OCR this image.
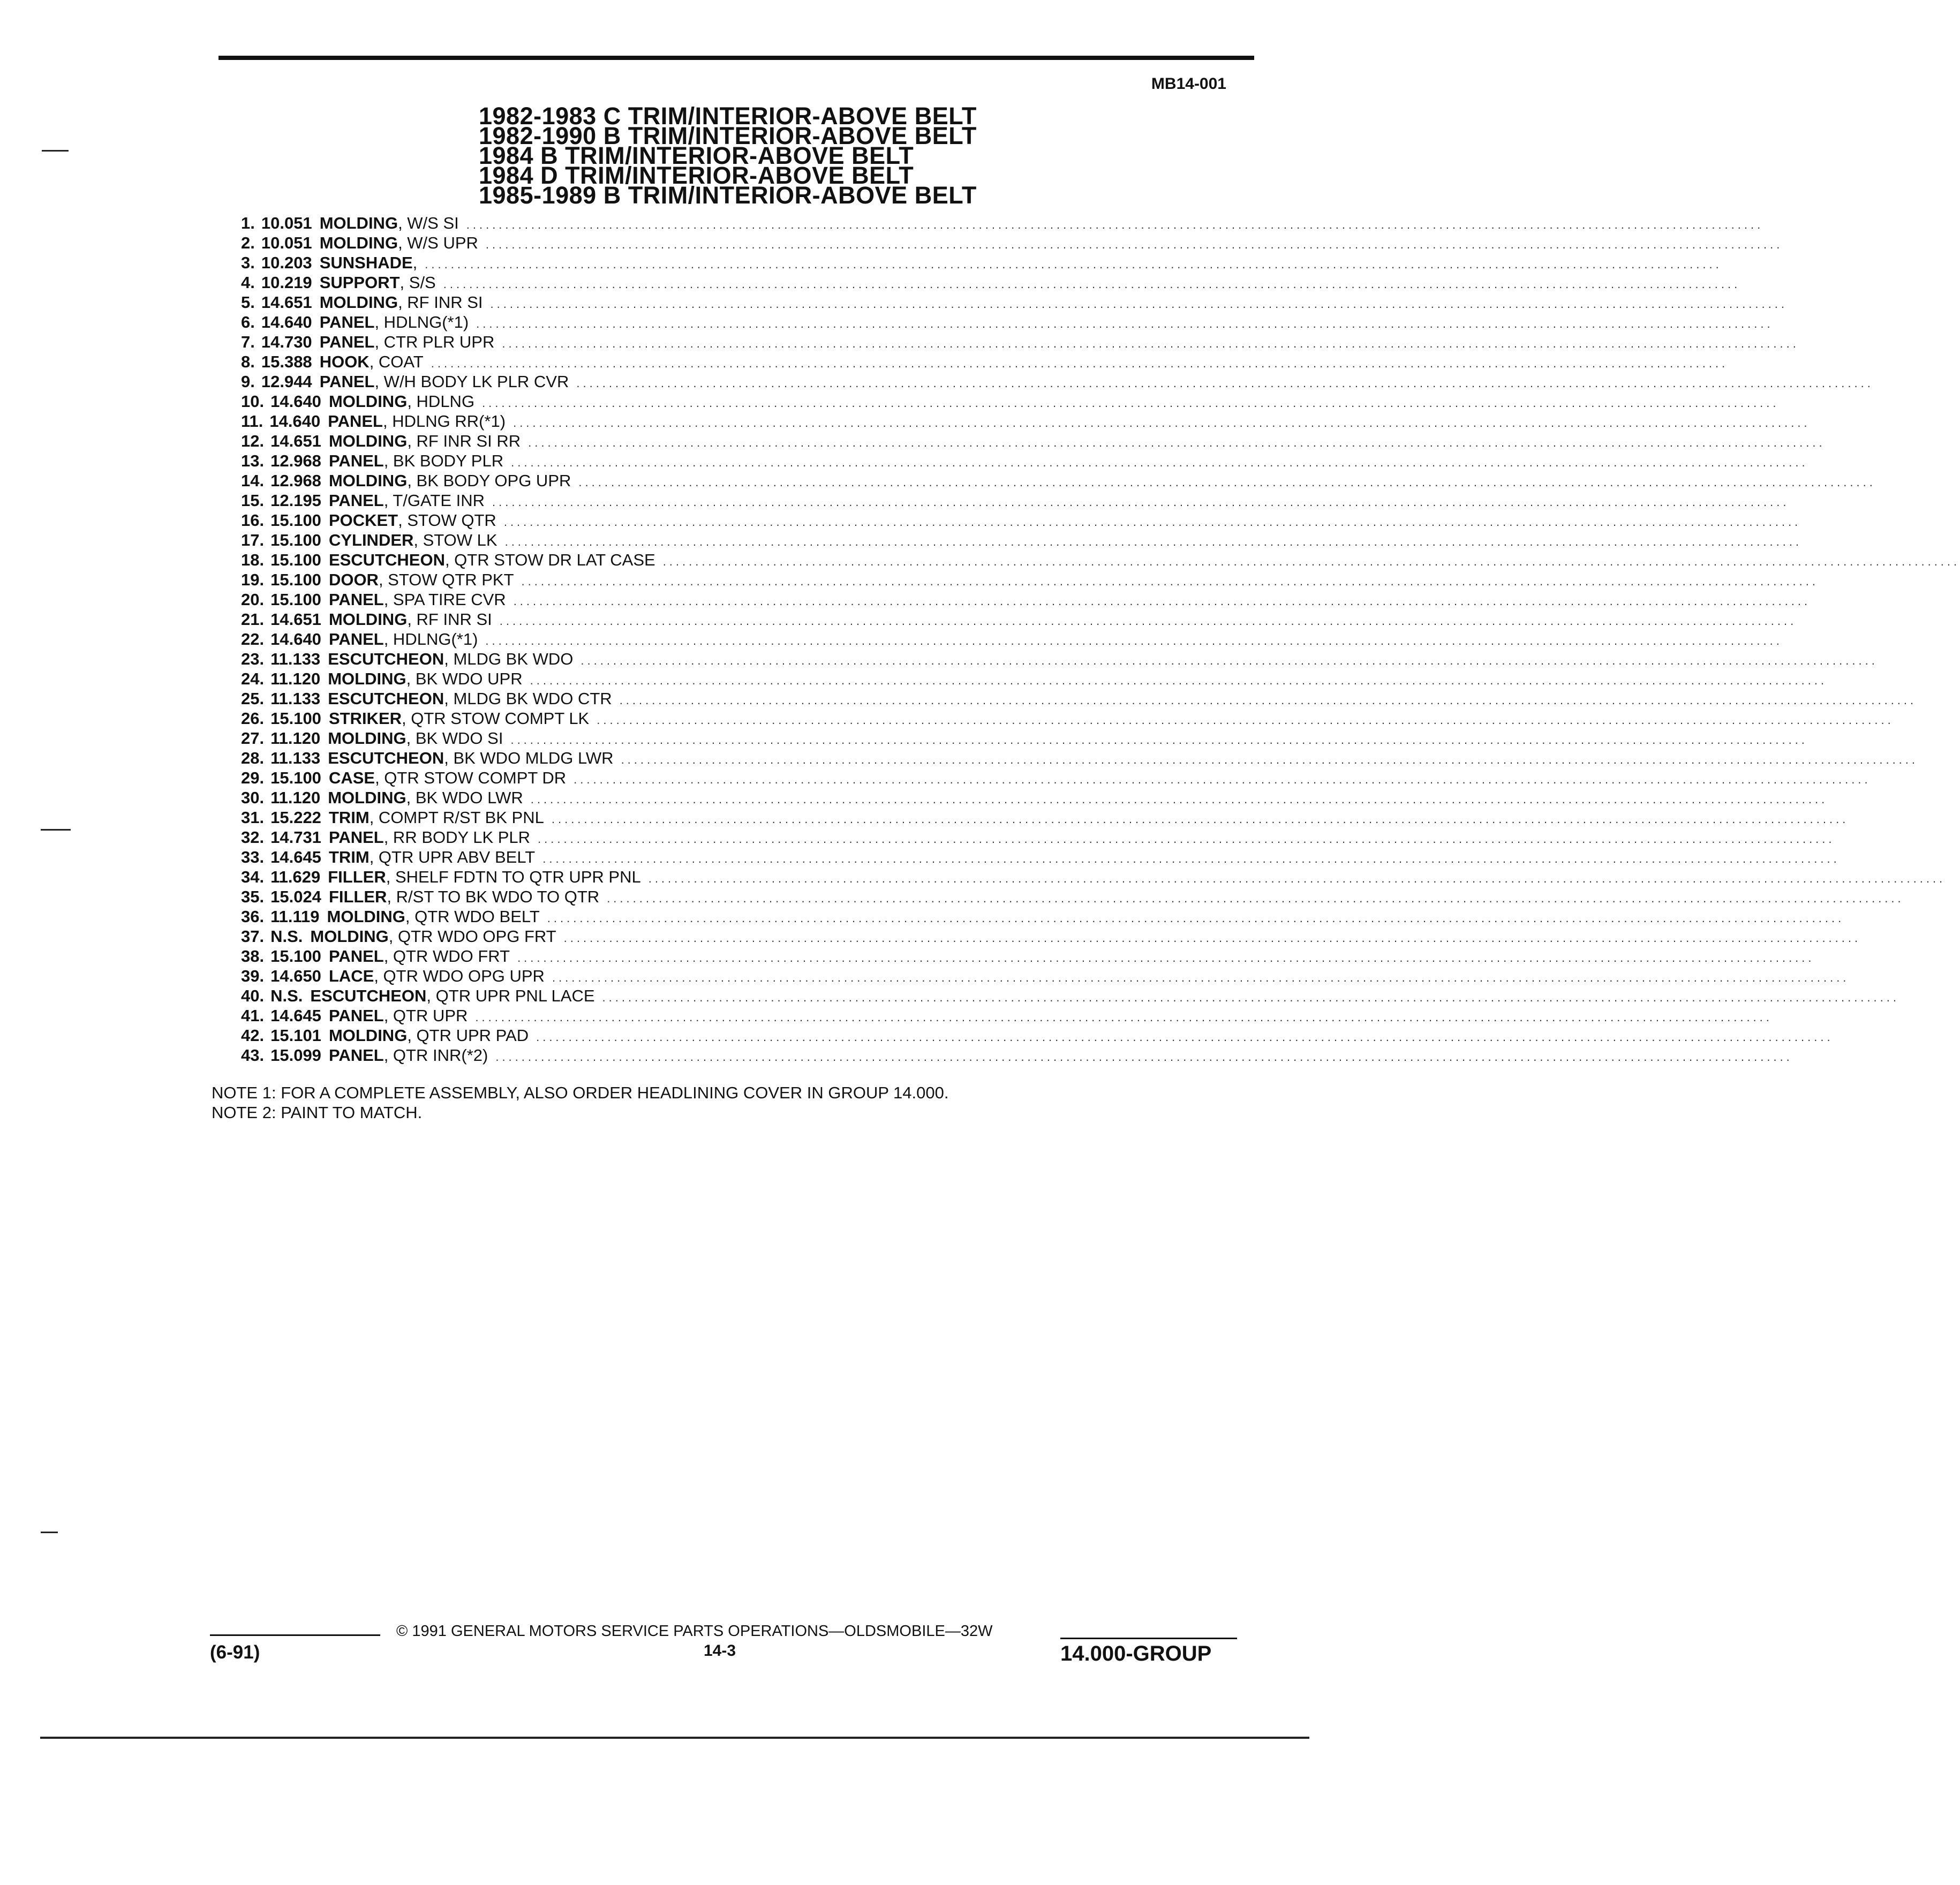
MB14-001
1982-1983 C TRIM/INTERIOR-ABOVE BELT
1982-1990 B TRIM/INTERIOR-ABOVE BELT
1984 B TRIM/INTERIOR-ABOVE BELT
1984 D TRIM/INTERIOR-ABOVE BELT
1985-1989 B TRIM/INTERIOR-ABOVE BELT
1. 10.051 MOLDING , W/S SI ........................................................................................................................................................................................................
2. 10.051 MOLDING , W/S UPR ........................................................................................................................................................................................................
3. 10.203 SUNSHADE , ........................................................................................................................................................................................................
4. 10.219 SUPPORT , S/S ........................................................................................................................................................................................................
5. 14.651 MOLDING , RF INR SI ........................................................................................................................................................................................................
6. 14.640 PANEL , HDLNG(*1) ........................................................................................................................................................................................................
7. 14.730 PANEL , CTR PLR UPR ........................................................................................................................................................................................................
8. 15.388 HOOK , COAT ........................................................................................................................................................................................................
9. 12.944 PANEL , W/H BODY LK PLR CVR ........................................................................................................................................................................................................
10. 14.640 MOLDING , HDLNG ........................................................................................................................................................................................................
11. 14.640 PANEL , HDLNG RR(*1) ........................................................................................................................................................................................................
12. 14.651 MOLDING , RF INR SI RR ........................................................................................................................................................................................................
13. 12.968 PANEL , BK BODY PLR ........................................................................................................................................................................................................
14. 12.968 MOLDING , BK BODY OPG UPR ........................................................................................................................................................................................................
15. 12.195 PANEL , T/GATE INR ........................................................................................................................................................................................................
16. 15.100 POCKET , STOW QTR ........................................................................................................................................................................................................
17. 15.100 CYLINDER , STOW LK ........................................................................................................................................................................................................
18. 15.100 ESCUTCHEON , QTR STOW DR LAT CASE ........................................................................................................................................................................................................
19. 15.100 DOOR , STOW QTR PKT ........................................................................................................................................................................................................
20. 15.100 PANEL , SPA TIRE CVR ........................................................................................................................................................................................................
21. 14.651 MOLDING , RF INR SI ........................................................................................................................................................................................................
22. 14.640 PANEL , HDLNG(*1) ........................................................................................................................................................................................................
23. 11.133 ESCUTCHEON , MLDG BK WDO ........................................................................................................................................................................................................
24. 11.120 MOLDING , BK WDO UPR ........................................................................................................................................................................................................
25. 11.133 ESCUTCHEON , MLDG BK WDO CTR ........................................................................................................................................................................................................
26. 15.100 STRIKER , QTR STOW COMPT LK ........................................................................................................................................................................................................
27. 11.120 MOLDING , BK WDO SI ........................................................................................................................................................................................................
28. 11.133 ESCUTCHEON , BK WDO MLDG LWR ........................................................................................................................................................................................................
29. 15.100 CASE , QTR STOW COMPT DR ........................................................................................................................................................................................................
30. 11.120 MOLDING , BK WDO LWR ........................................................................................................................................................................................................
31. 15.222 TRIM , COMPT R/ST BK PNL ........................................................................................................................................................................................................
32. 14.731 PANEL , RR BODY LK PLR ........................................................................................................................................................................................................
33. 14.645 TRIM , QTR UPR ABV BELT ........................................................................................................................................................................................................
34. 11.629 FILLER , SHELF FDTN TO QTR UPR PNL ........................................................................................................................................................................................................
35. 15.024 FILLER , R/ST TO BK WDO TO QTR ........................................................................................................................................................................................................
36. 11.119 MOLDING , QTR WDO BELT ........................................................................................................................................................................................................
37. N.S. MOLDING , QTR WDO OPG FRT ........................................................................................................................................................................................................
38. 15.100 PANEL , QTR WDO FRT ........................................................................................................................................................................................................
39. 14.650 LACE , QTR WDO OPG UPR ........................................................................................................................................................................................................
40. N.S. ESCUTCHEON , QTR UPR PNL LACE ........................................................................................................................................................................................................
41. 14.645 PANEL , QTR UPR ........................................................................................................................................................................................................
42. 15.101 MOLDING , QTR UPR PAD ........................................................................................................................................................................................................
43. 15.099 PANEL , QTR INR(*2) ........................................................................................................................................................................................................
NOTE 1: FOR A COMPLETE ASSEMBLY, ALSO ORDER HEADLINING COVER IN GROUP 14.000.
NOTE 2: PAINT TO MATCH.
© 1991 GENERAL MOTORS SERVICE PARTS OPERATIONS—OLDSMOBILE—32W
(6-91)	14-3	14.000-GROUP
